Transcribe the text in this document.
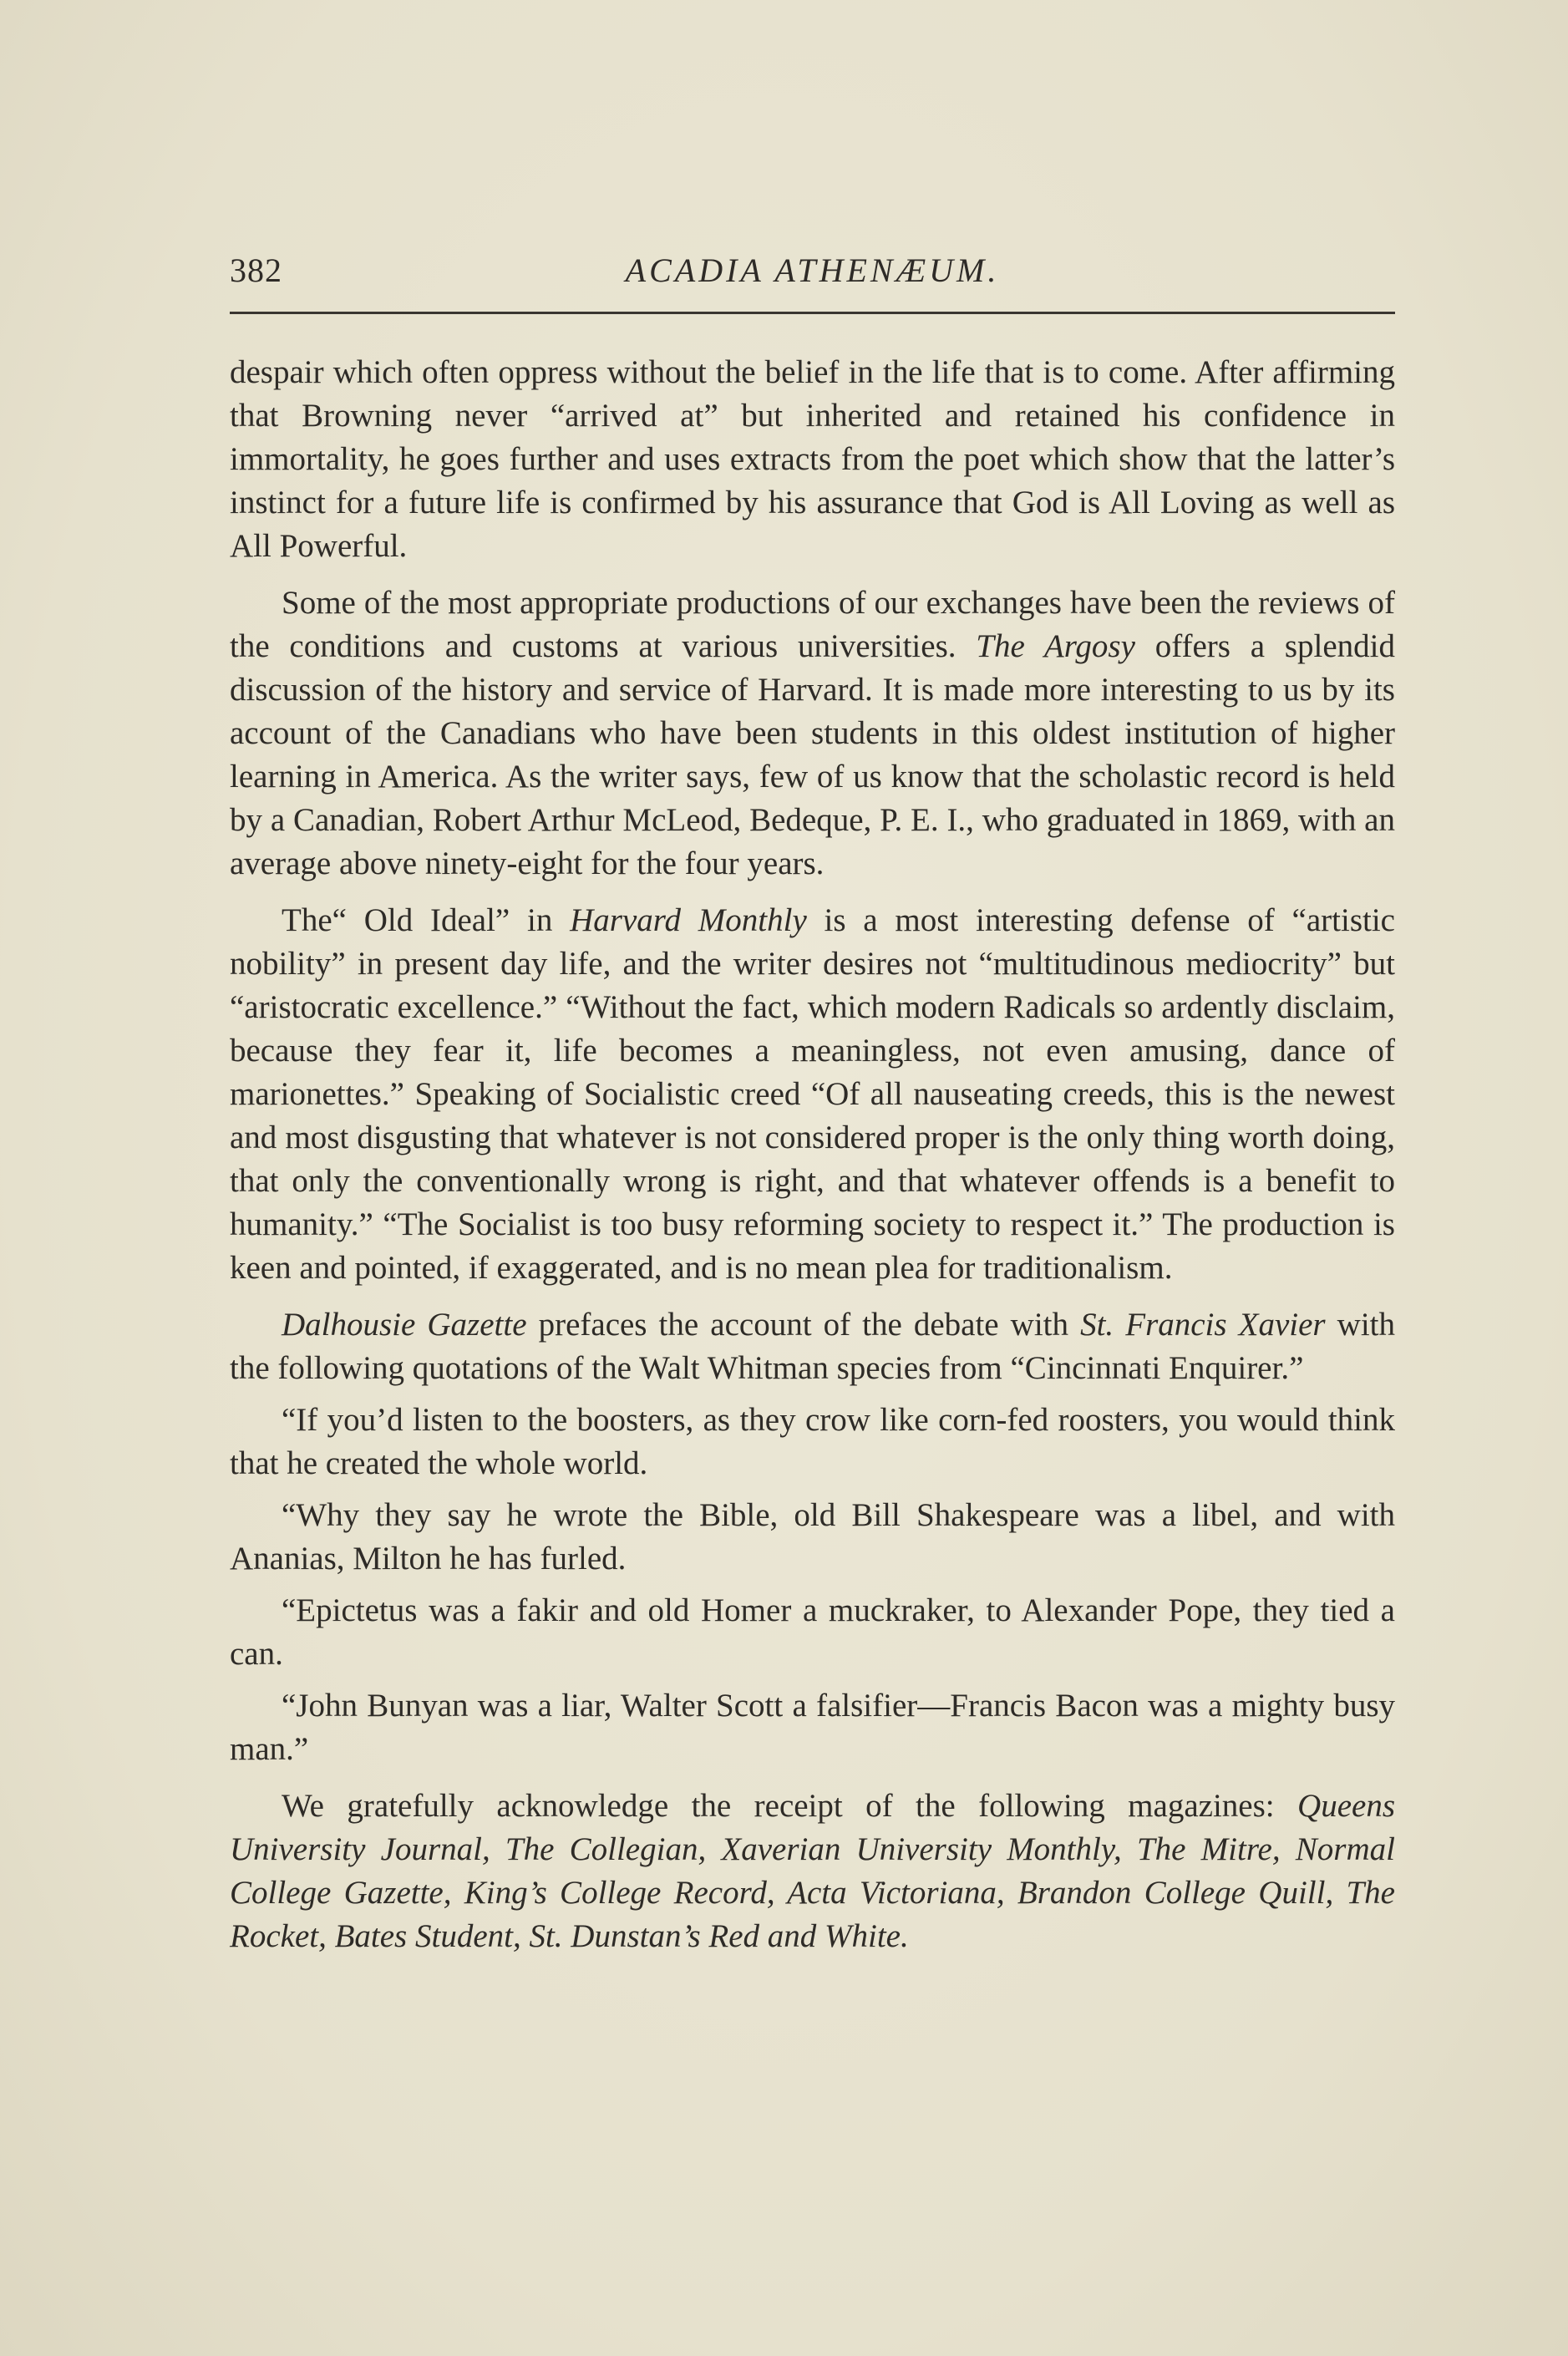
382	ACADIA ATHENÆUM.

despair which often oppress without the belief in the life that is to come. After affirming that Browning never “arrived at” but inherited and retained his confidence in immortality, he goes further and uses extracts from the poet which show that the latter’s instinct for a future life is confirmed by his assurance that God is All Loving as well as All Powerful.

Some of the most appropriate productions of our exchanges have been the reviews of the conditions and customs at various universities. The Argosy offers a splendid discussion of the history and service of Harvard. It is made more interesting to us by its account of the Canadians who have been students in this oldest institution of higher learning in America. As the writer says, few of us know that the scholastic record is held by a Canadian, Robert Arthur McLeod, Bedeque, P. E. I., who graduated in 1869, with an average above ninety-eight for the four years.

The“ Old Ideal” in Harvard Monthly is a most interesting defense of “artistic nobility” in present day life, and the writer desires not “multitudinous mediocrity” but “aristocratic excellence.” “Without the fact, which modern Radicals so ardently disclaim, because they fear it, life becomes a meaningless, not even amusing, dance of marionettes.” Speaking of Socialistic creed “Of all nauseating creeds, this is the newest and most disgusting that whatever is not considered proper is the only thing worth doing, that only the conventionally wrong is right, and that whatever offends is a benefit to humanity.” “The Socialist is too busy reforming society to respect it.” The production is keen and pointed, if exaggerated, and is no mean plea for traditionalism.

Dalhousie Gazette prefaces the account of the debate with St. Francis Xavier with the following quotations of the Walt Whitman species from “Cincinnati Enquirer.”

“If you’d listen to the boosters, as they crow like corn-fed roosters, you would think that he created the whole world.

“Why they say he wrote the Bible, old Bill Shakespeare was a libel, and with Ananias, Milton he has furled.

“Epictetus was a fakir and old Homer a muckraker, to Alexander Pope, they tied a can.

“John Bunyan was a liar, Walter Scott a falsifier—Francis Bacon was a mighty busy man.”

We gratefully acknowledge the receipt of the following magazines: Queens University Journal, The Collegian, Xaverian University Monthly, The Mitre, Normal College Gazette, King’s College Record, Acta Victoriana, Brandon College Quill, The Rocket, Bates Student, St. Dunstan’s Red and White.
